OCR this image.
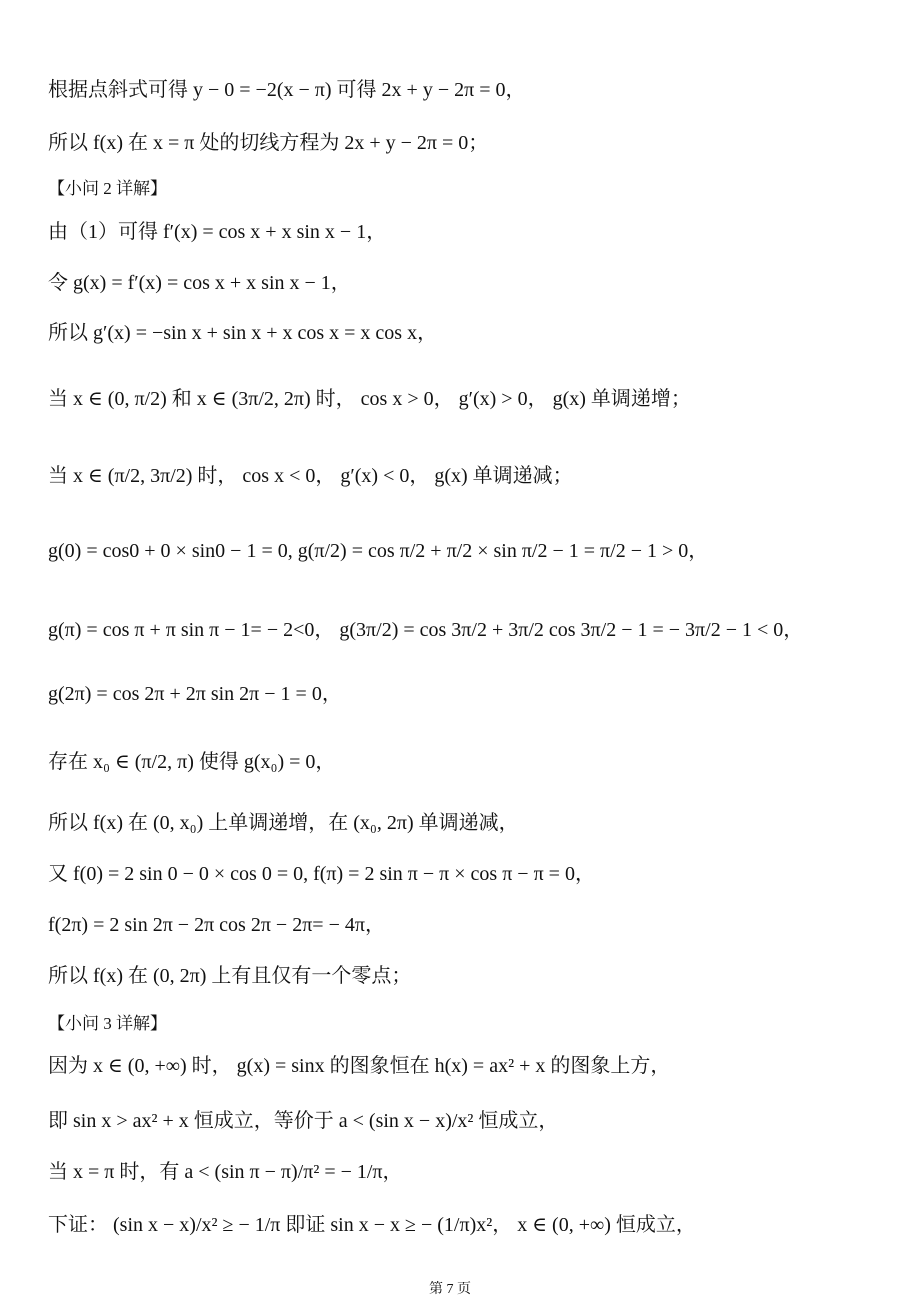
根据点斜式可得 y − 0 = −2(x − π) 可得 2x + y − 2π = 0，
所以 f(x) 在 x = π 处的切线方程为 2x + y − 2π = 0；
【小问 2 详解】
由（1）可得 f′(x) = cos x + x sin x − 1，
令 g(x) = f′(x) = cos x + x sin x − 1，
所以 g′(x) = −sin x + sin x + x cos x = x cos x，
当 x ∈ (0, π/2) 和 x ∈ (3π/2, 2π) 时， cos x > 0， g′(x) > 0， g(x) 单调递增；
当 x ∈ (π/2, 3π/2) 时， cos x < 0， g′(x) < 0， g(x) 单调递减；
g(0) = cos0 + 0 × sin0 − 1 = 0, g(π/2) = cos π/2 + π/2 × sin π/2 − 1 = π/2 − 1 > 0，
g(π) = cos π + π sin π − 1= − 2<0， g(3π/2) = cos 3π/2 + 3π/2 cos 3π/2 − 1 = − 3π/2 − 1 < 0，
g(2π) = cos 2π + 2π sin 2π − 1 = 0，
存在 x₀ ∈ (π/2, π) 使得 g(x₀) = 0，
所以 f(x) 在 (0, x₀) 上单调递增，在 (x₀, 2π) 单调递减，
又 f(0) = 2 sin 0 − 0 × cos 0 = 0, f(π) = 2 sin π − π × cos π − π = 0，
f(2π) = 2 sin 2π − 2π cos 2π − 2π= − 4π，
所以 f(x) 在 (0, 2π) 上有且仅有一个零点；
【小问 3 详解】
因为 x ∈ (0, +∞) 时， g(x) = sinx 的图象恒在 h(x) = ax² + x 的图象上方，
即 sin x > ax² + x 恒成立，等价于 a < (sin x − x)/x² 恒成立，
当 x = π 时，有 a < (sin π − π)/π² = − 1/π，
下证： (sin x − x)/x² ≥ − 1/π 即证 sin x − x ≥ − (1/π)x²， x ∈ (0, +∞) 恒成立，
第 7 页
